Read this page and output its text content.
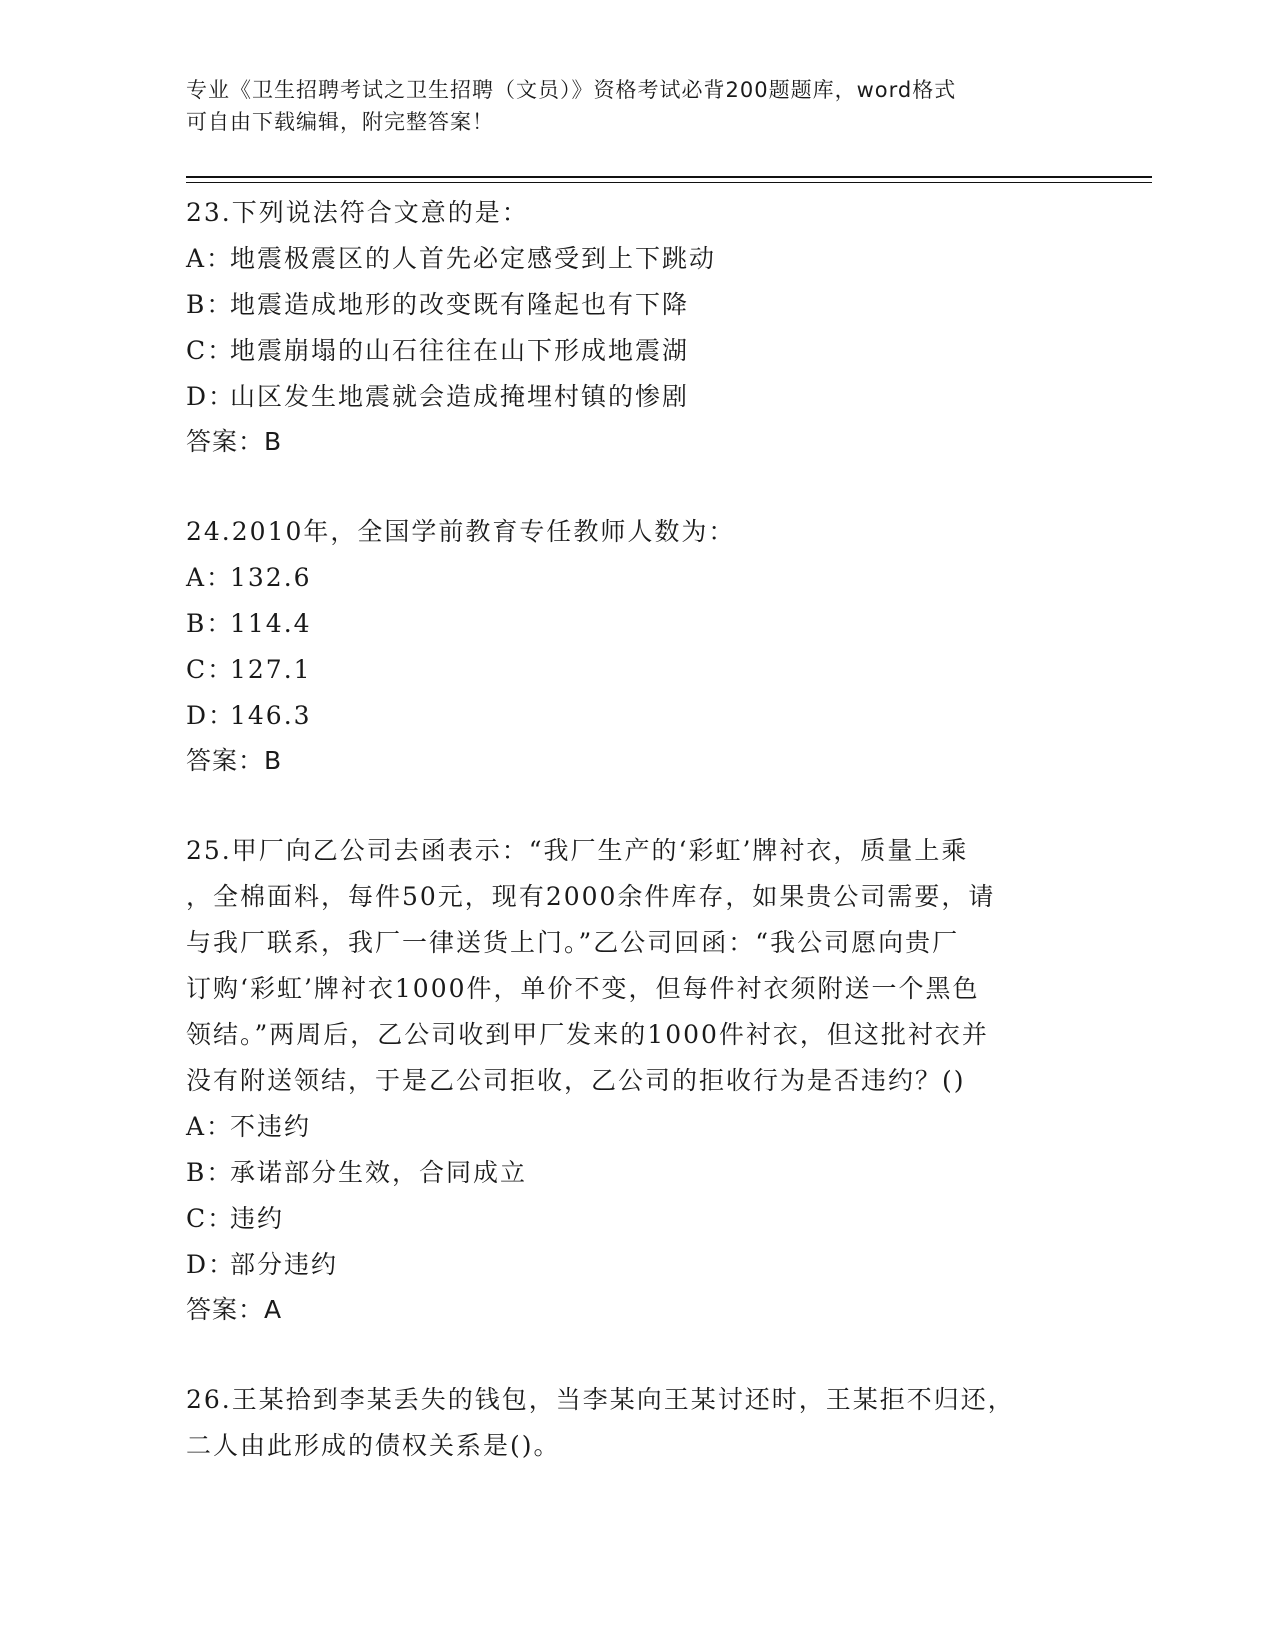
专业《卫生招聘考试之卫生招聘（文员）》资格考试必背200题题库，word格式
可自由下载编辑，附完整答案！

23.下列说法符合文意的是：

A：地震极震区的人首先必定感受到上下跳动

B：地震造成地形的改变既有隆起也有下降

C：地震崩塌的山石往往在山下形成地震湖

D：山区发生地震就会造成掩埋村镇的惨剧

答案：B

24.2010年，全国学前教育专任教师人数为：

A：132.6

B：114.4

C：127.1

D：146.3

答案：B

25.甲厂向乙公司去函表示：“我厂生产的‘彩虹’牌衬衣，质量上乘

，全棉面料，每件50元，现有2000余件库存，如果贵公司需要，请

与我厂联系，我厂一律送货上门。”乙公司回函：“我公司愿向贵厂

订购‘彩虹’牌衬衣1000件，单价不变，但每件衬衣须附送一个黑色

领结。”两周后，乙公司收到甲厂发来的1000件衬衣，但这批衬衣并

没有附送领结，于是乙公司拒收，乙公司的拒收行为是否违约？()

A：不违约

B：承诺部分生效，合同成立

C：违约

D：部分违约

答案：A

26.王某拾到李某丢失的钱包，当李某向王某讨还时，王某拒不归还，

二人由此形成的债权关系是()。
